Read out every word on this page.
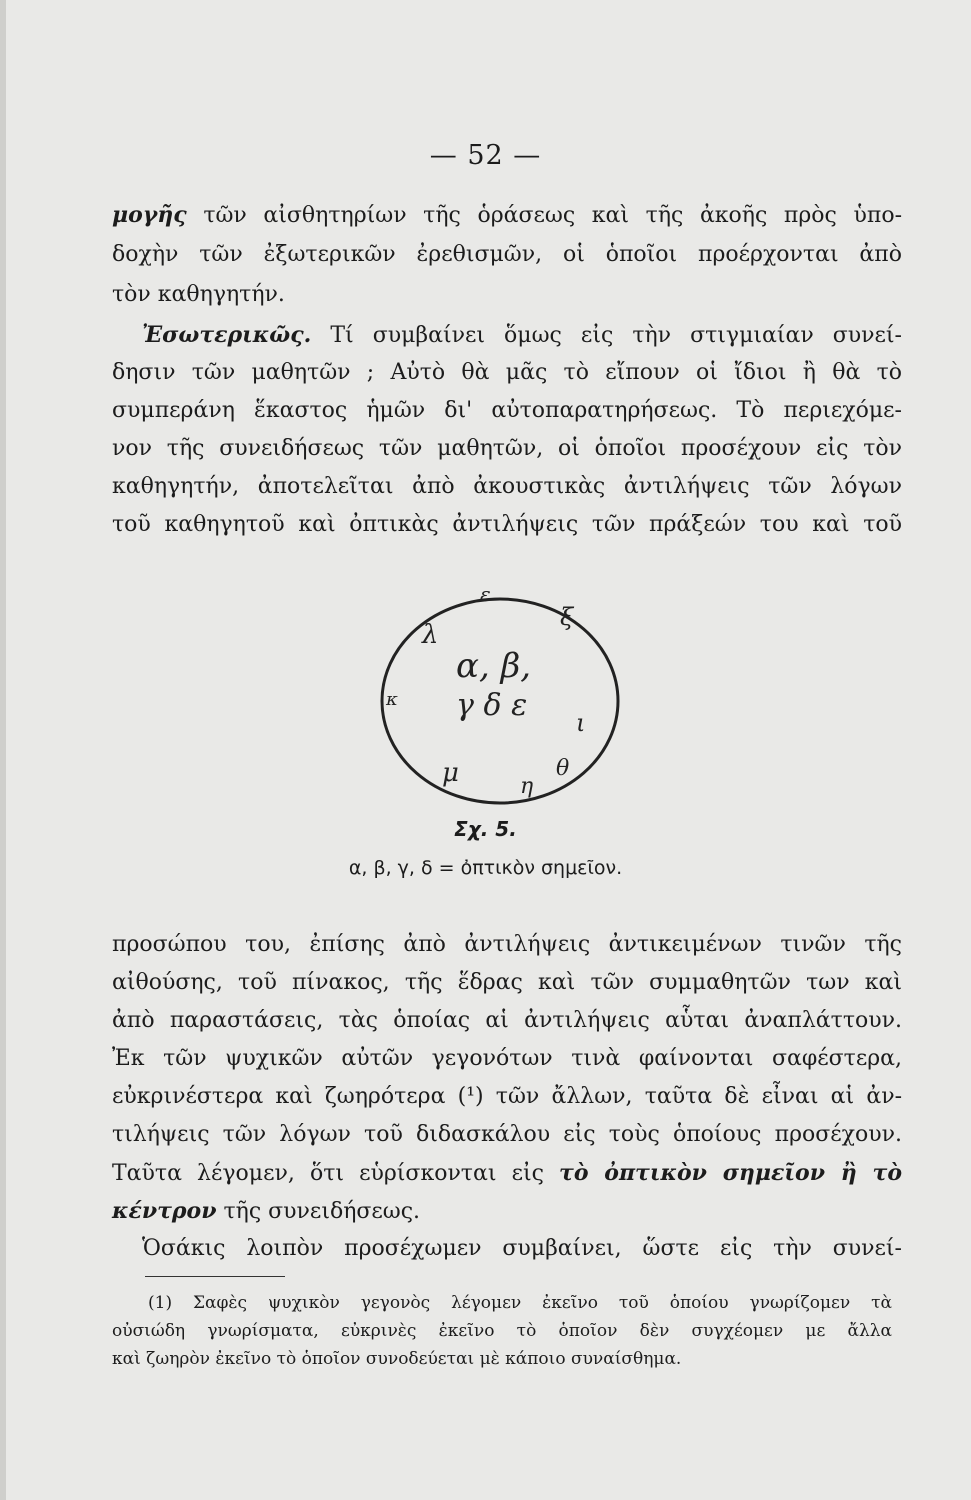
— 52 —
μογῆς τῶν αἰσθητηρίων τῆς ὁράσεως καὶ τῆς ἀκοῆς πρὸς ὑπο-
δοχὴν τῶν ἐξωτερικῶν ἐρεθισμῶν, οἱ ὁποῖοι προέρχονται ἀπὸ
τὸν καθηγητήν.
Ἐσωτερικῶς. Τί συμβαίνει ὅμως εἰς τὴν στιγμιαίαν συνεί-
δησιν τῶν μαθητῶν ; Αὐτὸ θὰ μᾶς τὸ εἴπουν οἱ ἴδιοι ἢ θὰ τὸ
συμπεράνη ἕκαστος ἡμῶν δι' αὐτοπαρατηρήσεως. Τὸ περιεχόμε-
νον τῆς συνειδήσεως τῶν μαθητῶν, οἱ ὁποῖοι προσέχουν εἰς τὸν
καθηγητήν, ἀποτελεῖται ἀπὸ ἀκουστικὰς ἀντιλήψεις τῶν λόγων
τοῦ καθηγητοῦ καὶ ὀπτικὰς ἀντιλήψεις τῶν πράξεών του καὶ τοῦ
α, β,
γ δ ε
ε
ξ
λ
κ
ι
θ
η
μ
Σχ. 5.
α, β, γ, δ = ὀπτικὸν σημεῖον.
προσώπου του, ἐπίσης ἀπὸ ἀντιλήψεις ἀντικειμένων τινῶν τῆς
αἰθούσης, τοῦ πίνακος, τῆς ἕδρας καὶ τῶν συμμαθητῶν των καὶ
ἀπὸ παραστάσεις, τὰς ὁποίας αἱ ἀντιλήψεις αὗται ἀναπλάττουν.
Ἐκ τῶν ψυχικῶν αὐτῶν γεγονότων τινὰ φαίνονται σαφέστερα,
εὐκρινέστερα καὶ ζωηρότερα (¹) τῶν ἄλλων, ταῦτα δὲ εἶναι αἱ ἀν-
τιλήψεις τῶν λόγων τοῦ διδασκάλου εἰς τοὺς ὁποίους προσέχουν.
Ταῦτα λέγομεν, ὅτι εὑρίσκονται εἰς τὸ ὀπτικὸν σημεῖον ἢ τὸ
κέντρον τῆς συνειδήσεως.
Ὁσάκις λοιπὸν προσέχωμεν συμβαίνει, ὥστε εἰς τὴν συνεί-
(1) Σαφὲς ψυχικὸν γεγονὸς λέγομεν ἐκεῖνο τοῦ ὁποίου γνωρίζομεν τὰ
οὐσιώδη γνωρίσματα, εὐκρινὲς ἐκεῖνο τὸ ὁποῖον δὲν συγχέομεν με ἄλλα
καὶ ζωηρὸν ἐκεῖνο τὸ ὁποῖον συνοδεύεται μὲ κάποιο συναίσθημα.
